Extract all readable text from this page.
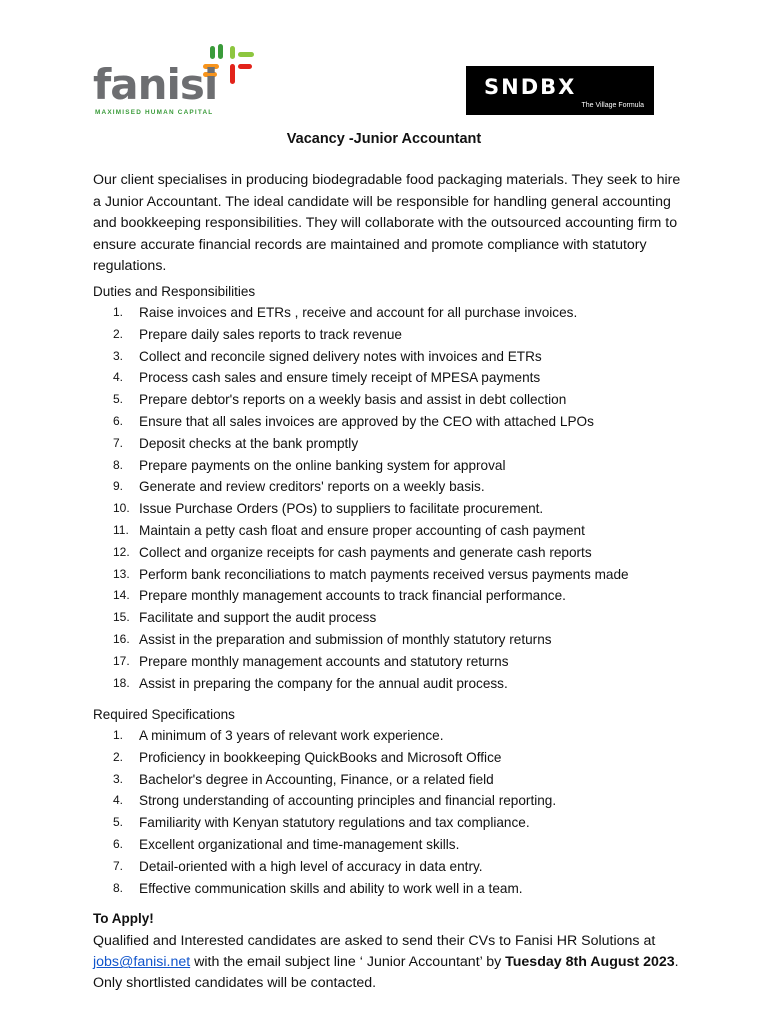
fanisi
MAXIMISED HUMAN CAPITAL
SNDBX
The Village Formula
Vacancy -Junior Accountant
Our client specialises in producing biodegradable food packaging materials. They seek to hire a Junior Accountant. The ideal candidate will be responsible for handling general accounting and bookkeeping responsibilities. They will collaborate with the outsourced accounting firm to ensure accurate financial records are maintained and promote compliance with statutory regulations.
Duties and Responsibilities
1.	Raise invoices and ETRs , receive and account for all purchase invoices.
2.	Prepare daily sales reports to track revenue
3.	Collect and reconcile signed delivery notes with invoices and ETRs
4.	Process cash sales and ensure timely receipt of MPESA payments
5.	Prepare debtor's reports on a weekly basis and assist in debt collection
6.	Ensure that all sales invoices are approved by the CEO with attached LPOs
7.	Deposit checks at the bank promptly
8.	Prepare payments on the online banking system for approval
9.	Generate and review creditors' reports on a weekly basis.
10. Issue Purchase Orders (POs) to suppliers to facilitate procurement.
11. Maintain a petty cash float and ensure proper accounting of cash payment
12. Collect and organize receipts for cash payments and generate cash reports
13. Perform bank reconciliations to match payments received versus payments made
14. Prepare monthly management accounts to track financial performance.
15. Facilitate and support the audit process
16. Assist in the preparation and submission of monthly statutory returns
17. Prepare monthly management accounts and statutory returns
18. Assist in preparing the company for the annual audit process.
Required Specifications
1.	A minimum of 3 years of relevant work experience.
2.	Proficiency in bookkeeping QuickBooks and Microsoft Office
3.	Bachelor's degree in Accounting, Finance, or a related field
4.	Strong understanding of accounting principles and financial reporting.
5.	Familiarity with Kenyan statutory regulations and tax compliance.
6.	Excellent organizational and time-management skills.
7.	Detail-oriented with a high level of accuracy in data entry.
8.	Effective communication skills and ability to work well in a team.
To Apply!
Qualified and Interested candidates are asked to send their CVs to Fanisi HR Solutions at jobs@fanisi.net with the email subject line ‘ Junior Accountant’ by Tuesday 8th August 2023. Only shortlisted candidates will be contacted.
